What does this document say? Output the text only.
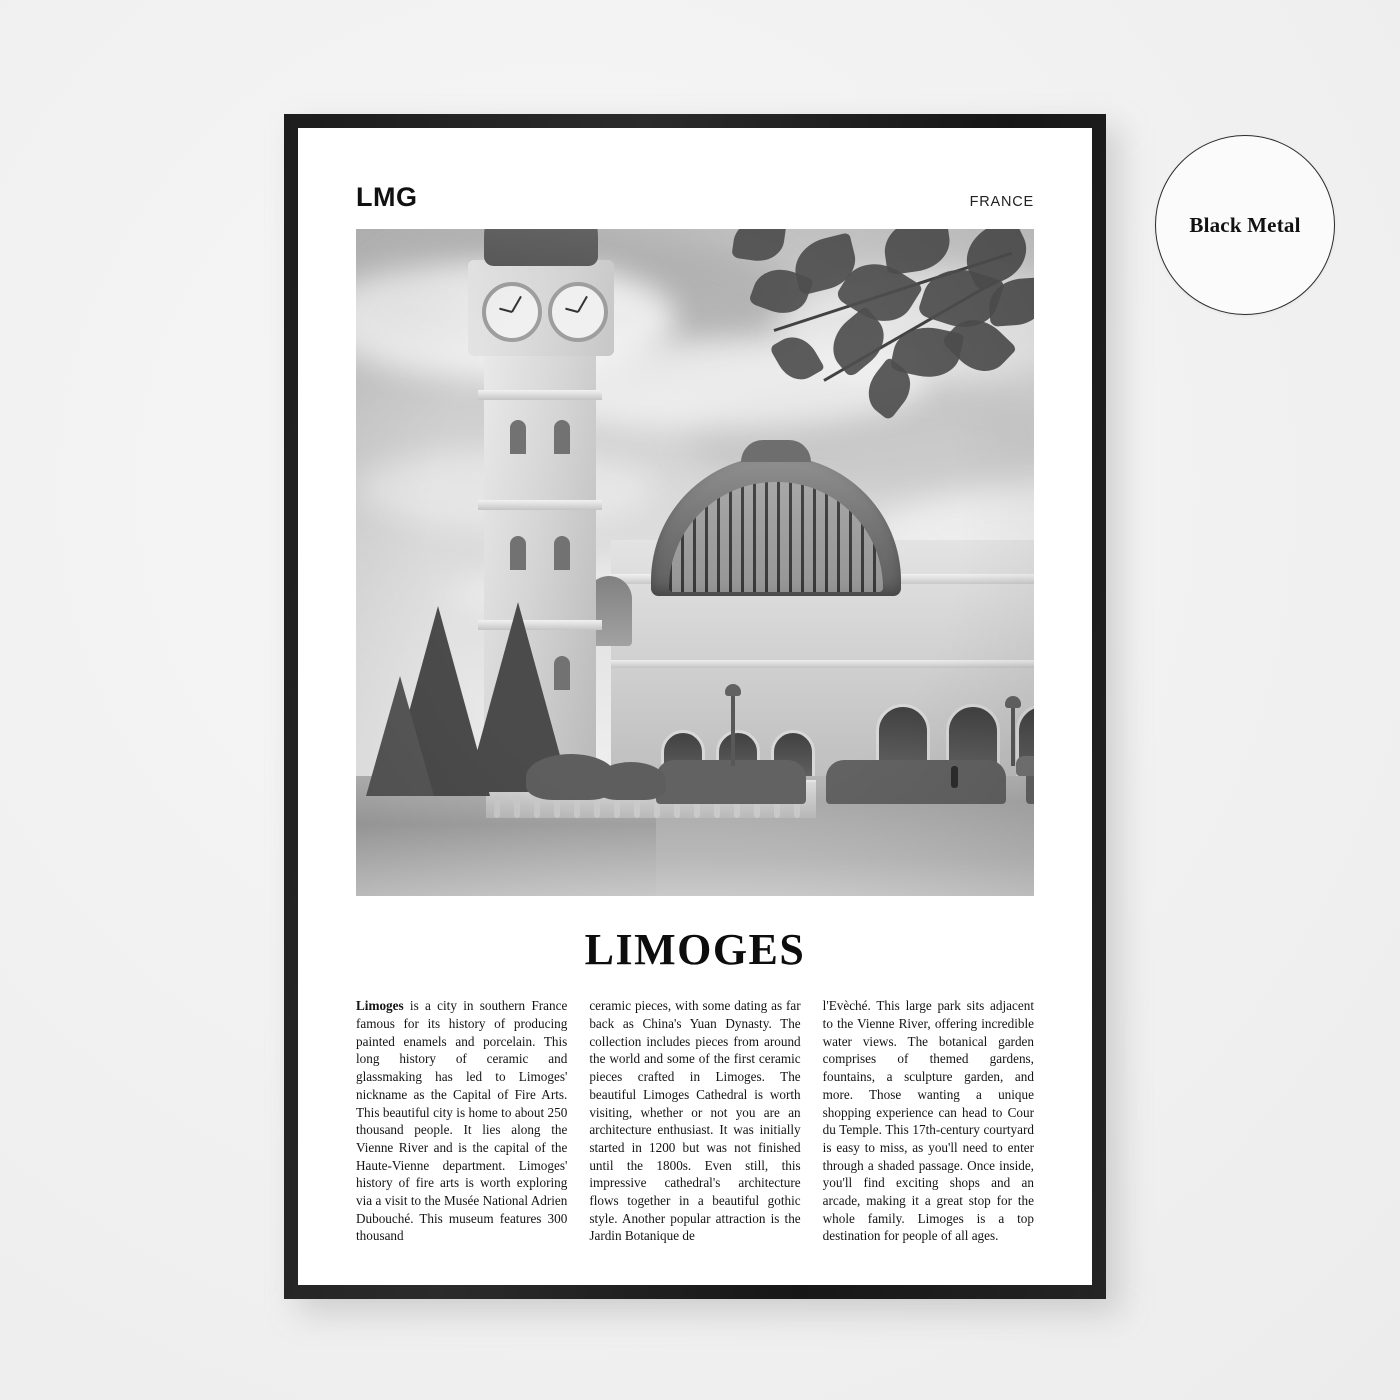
LMG	FRANCE
LIMOGES
Limoges is a city in southern France famous for its history of producing painted enamels and porcelain. This long history of ceramic and glassmaking has led to Limoges' nickname as the Capital of Fire Arts. This beautiful city is home to about 250 thousand people. It lies along the Vienne River and is the capital of the Haute-Vienne department. Limoges' history of fire arts is worth exploring via a visit to the Musée National Adrien Dubouché. This museum features 300 thousand
ceramic pieces, with some dating as far back as China's Yuan Dynasty. The collection includes pieces from around the world and some of the first ceramic pieces crafted in Limoges. The beautiful Limoges Cathedral is worth visiting, whether or not you are an architecture enthusiast. It was initially started in 1200 but was not finished until the 1800s. Even still, this impressive cathedral's architecture flows together in a beautiful gothic style. Another popular attraction is the Jardin Botanique de
l'Evèché. This large park sits adjacent to the Vienne River, offering incredible water views. The botanical garden comprises of themed gardens, fountains, a sculpture garden, and more. Those wanting a unique shopping experience can head to Cour du Temple. This 17th-century courtyard is easy to miss, as you'll need to enter through a shaded passage. Once inside, you'll find exciting shops and an arcade, making it a great stop for the whole family. Limoges is a top destination for people of all ages.
Black Metal
